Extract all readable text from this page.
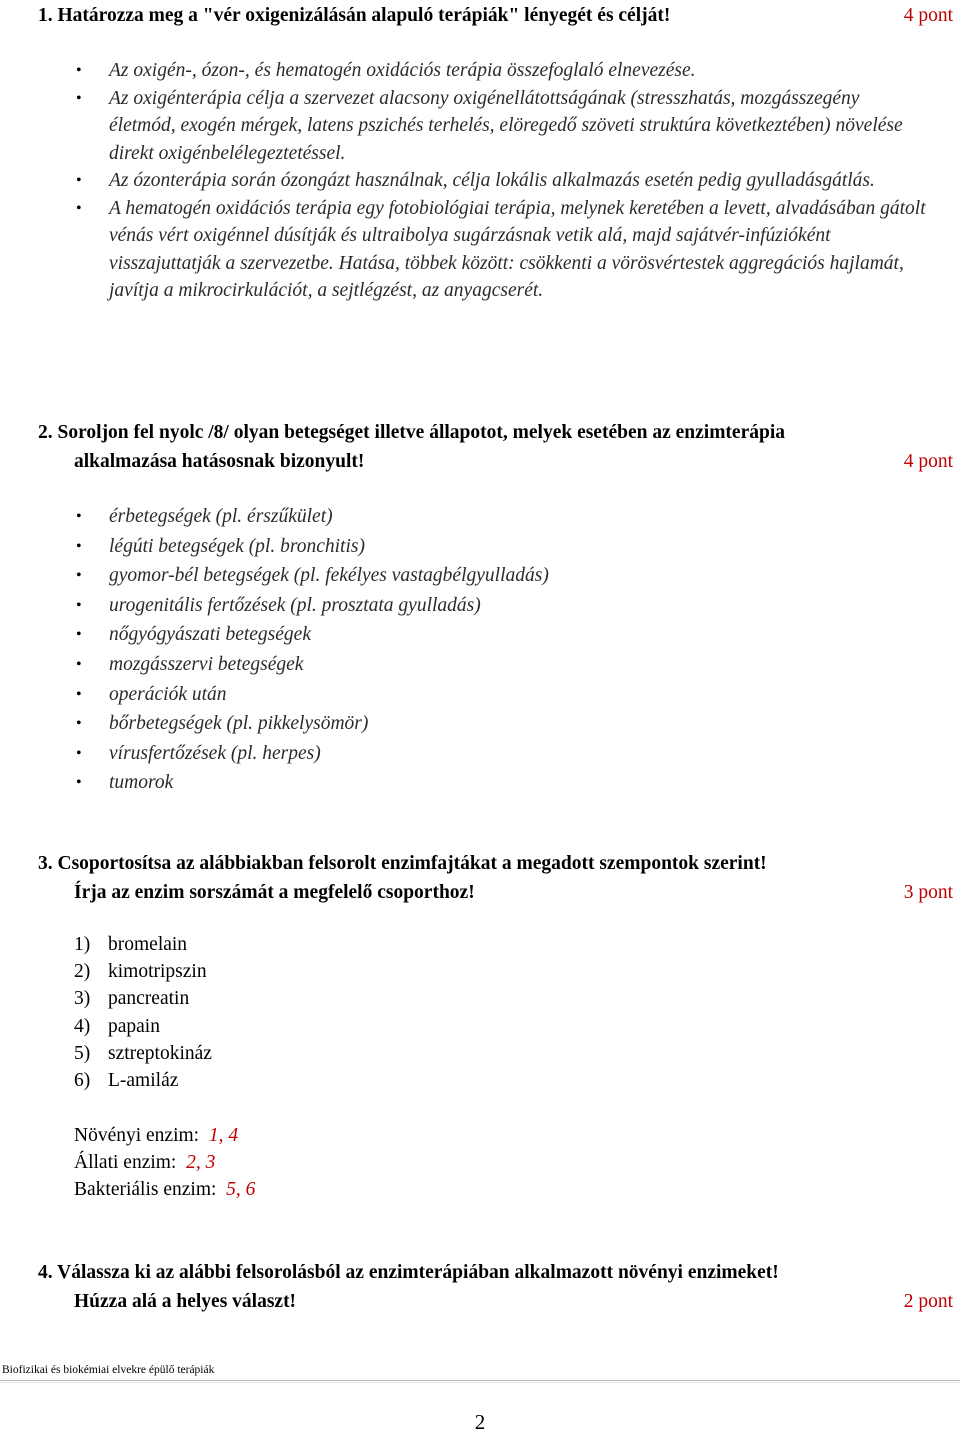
1. Határozza meg a "vér oxigenizálásán alapuló terápiák" lényegét és célját!	4 pont
• Az oxigén-, ózon-, és hematogén oxidációs terápia összefoglaló elnevezése.
• Az oxigénterápia célja a szervezet alacsony oxigénellátottságának (stresszhatás, mozgásszegény életmód, exogén mérgek, latens pszichés terhelés, elöregedő szöveti struktúra következtében) növelése direkt oxigénbelélegeztetéssel.
• Az ózonterápia során ózongázt használnak, célja lokális alkalmazás esetén pedig gyulladásgátlás.
• A hematogén oxidációs terápia egy fotobiológiai terápia, melynek keretében a levett, alvadásában gátolt vénás vért oxigénnel dúsítják és ultraibolya sugárzásnak vetik alá, majd sajátvér-infúzióként visszajuttatják a szervezetbe. Hatása, többek között: csökkenti a vörösvértestek aggregációs hajlamát, javítja a mikrocirkulációt, a sejtlégzést, az anyagcserét.
2. Soroljon fel nyolc /8/ olyan betegséget illetve állapotot, melyek esetében az enzimterápia
alkalmazása hatásosnak bizonyult!	4 pont
• érbetegségek (pl. érszűkület)
• légúti betegségek (pl. bronchitis)
• gyomor-bél betegségek (pl. fekélyes vastagbélgyulladás)
• urogenitális fertőzések (pl. prosztata gyulladás)
• nőgyógyászati betegségek
• mozgásszervi betegségek
• operációk után
• bőrbetegségek (pl. pikkelysömör)
• vírusfertőzések (pl. herpes)
• tumorok
3. Csoportosítsa az alábbiakban felsorolt enzimfajtákat a megadott szempontok szerint!
Írja az enzim sorszámát a megfelelő csoporthoz!	3 pont
1) bromelain
2) kimotripszin
3) pancreatin
4) papain
5) sztreptokináz
6) L-amiláz
Növényi enzim: 1, 4
Állati enzim: 2, 3
Bakteriális enzim: 5, 6
4. Válassza ki az alábbi felsorolásból az enzimterápiában alkalmazott növényi enzimeket!
Húzza alá a helyes választ!	2 pont
Biofizikai és biokémiai elvekre épülő terápiák
2
